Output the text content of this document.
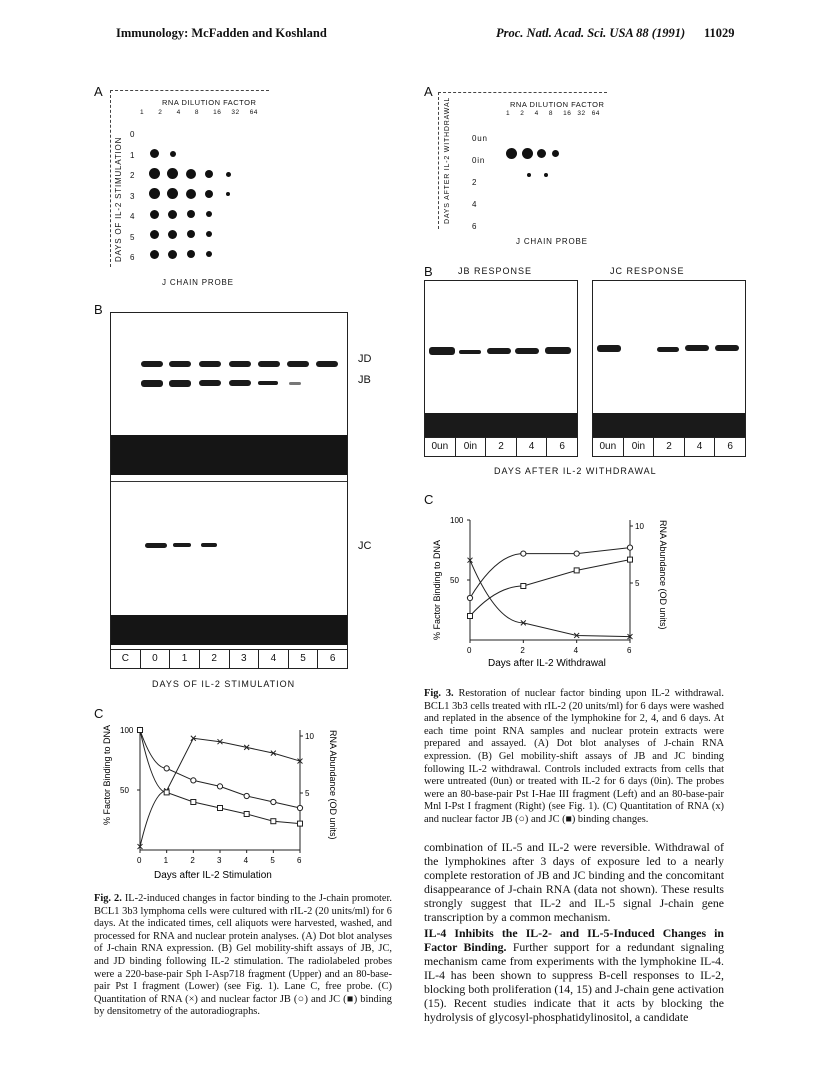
Immunology: McFadden and Koshland	Proc. Natl. Acad. Sci. USA 88 (1991) 11029
A
RNA DILUTION FACTOR
1	2	4	8	16	32	64
DAYS OF IL-2 STIMULATION
0
1
2
3
4
5
6
J CHAIN PROBE
B
JD
JB
JC
C	0	1	2	3	4	5	6
DAYS OF IL-2 STIMULATION
C
% Factor Binding to DNA	RNA Abundance (OD units)
Days after IL-2 Stimulation
100
50
10
5
0	1	2	3	4	5	6
Fig. 2. IL-2-induced changes in factor binding to the J-chain promoter. BCL1 3b3 lymphoma cells were cultured with rIL-2 (20 units/ml) for 6 days. At the indicated times, cell aliquots were harvested, washed, and processed for RNA and nuclear protein analyses. (A) Dot blot analyses of J-chain RNA expression. (B) Gel mobility-shift assays of JB, JC, and JD binding following IL-2 stimulation. The radiolabeled probes were a 220-base-pair Sph I-Asp718 fragment (Upper) and an 80-base-pair Pst I fragment (Lower) (see Fig. 1). Lane C, free probe. (C) Quantitation of RNA (×) and nuclear factor JB (○) and JC (■) binding by densitometry of the autoradiographs.
A
RNA DILUTION FACTOR
1	2	4	8	16 32 64
DAYS AFTER IL-2 WITHDRAWAL	0un
0in
2
4
6
J CHAIN PROBE
B	JB RESPONSE	JC RESPONSE
0un	0in	2	4	6	0un	0in	2	4	6
DAYS AFTER IL-2 WITHDRAWAL
C
% Factor Binding to DNA	RNA Abundance (OD units)
Days after IL-2 Withdrawal
100
50
10
5
0	2	4	6
Fig. 3. Restoration of nuclear factor binding upon IL-2 withdrawal. BCL1 3b3 cells treated with rIL-2 (20 units/ml) for 6 days were washed and replated in the absence of the lymphokine for 2, 4, and 6 days. At each time point RNA samples and nuclear protein extracts were prepared and assayed. (A) Dot blot analyses of J-chain RNA expression. (B) Gel mobility-shift assays of JB and JC binding following IL-2 withdrawal. Controls included extracts from cells that were untreated (0un) or treated with IL-2 for 6 days (0in). The probes were an 80-base-pair Pst I-Hae III fragment (Left) and an 80-base-pair Mnl I-Pst I fragment (Right) (see Fig. 1). (C) Quantitation of RNA (x) and nuclear factor JB (○) and JC (■) binding changes.
combination of IL-5 and IL-2 were reversible. Withdrawal of the lymphokines after 3 days of exposure led to a nearly complete restoration of JB and JC binding and the concomitant disappearance of J-chain RNA (data not shown). These results strongly suggest that IL-2 and IL-5 signal J-chain gene transcription by a common mechanism.
IL-4 Inhibits the IL-2- and IL-5-Induced Changes in Factor Binding. Further support for a redundant signaling mechanism came from experiments with the lymphokine IL-4. IL-4 has been shown to suppress B-cell responses to IL-2, blocking both proliferation (14, 15) and J-chain gene activation (15). Recent studies indicate that it acts by blocking the hydrolysis of glycosyl-phosphatidylinositol, a candidate
